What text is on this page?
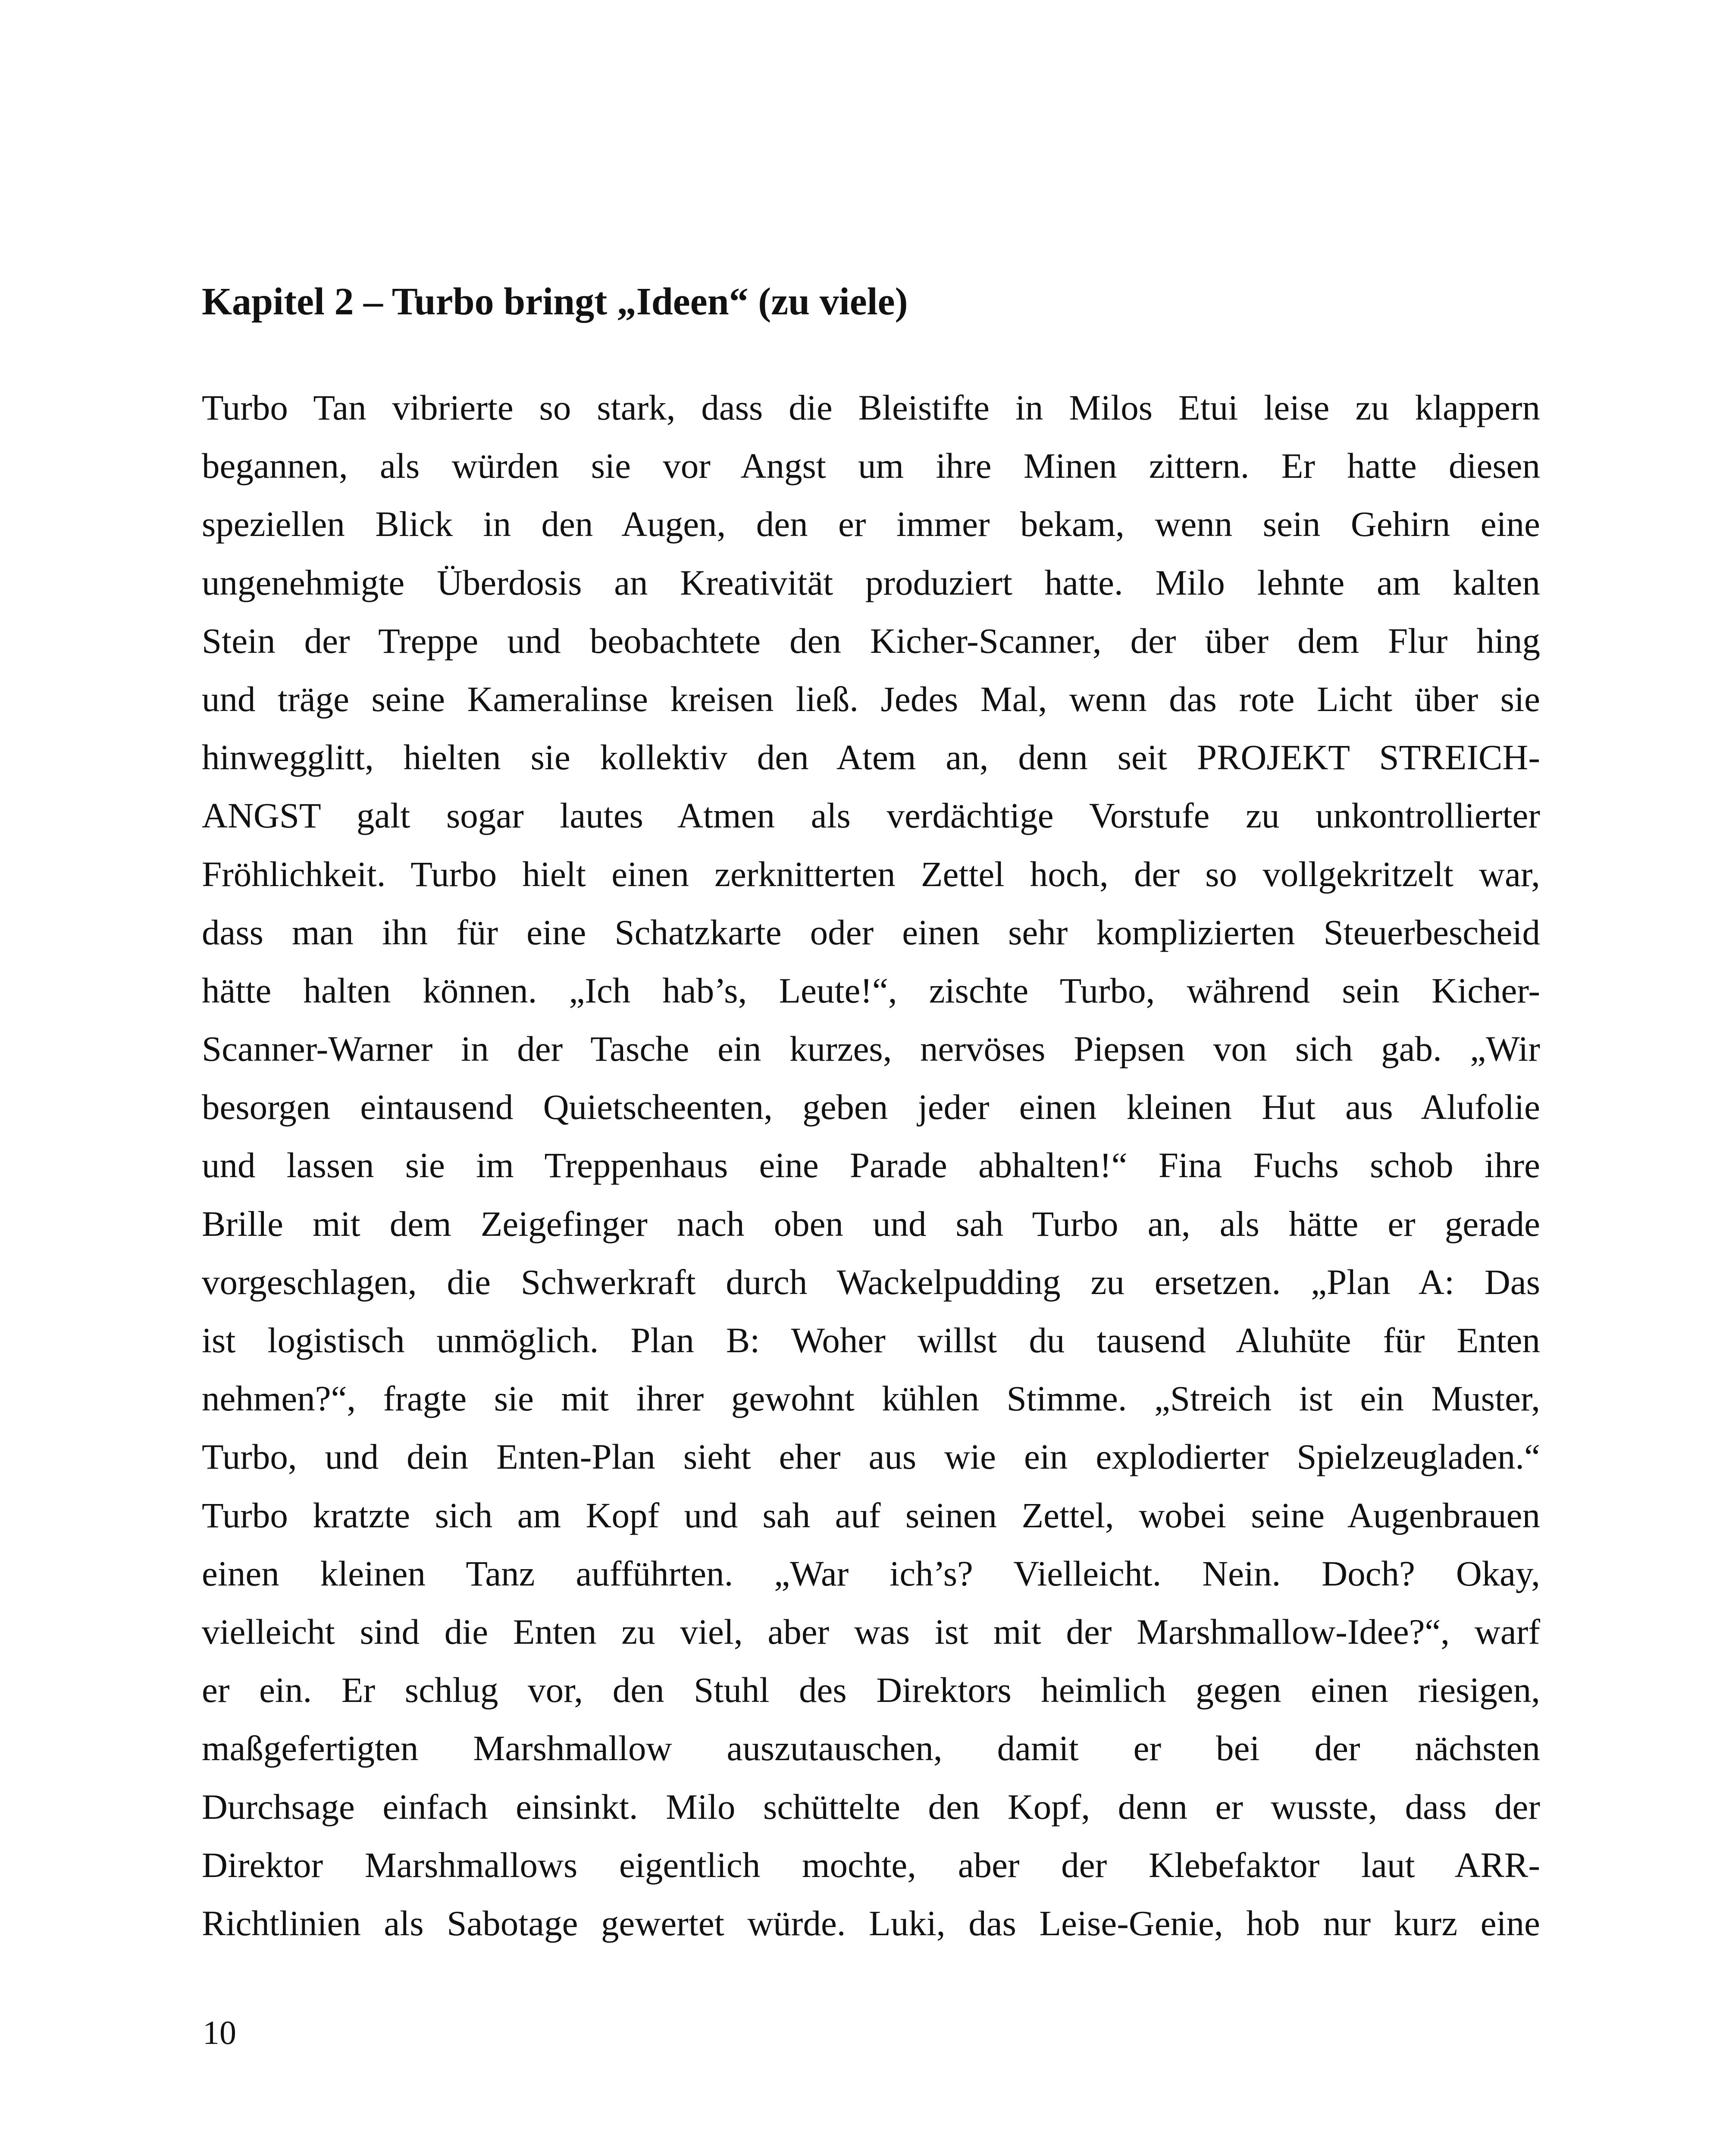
Kapitel 2 – Turbo bringt „Ideen“ (zu viele)
Turbo Tan vibrierte so stark, dass die Bleistifte in Milos Etui leise zu klappern
begannen, als würden sie vor Angst um ihre Minen zittern. Er hatte diesen
speziellen Blick in den Augen, den er immer bekam, wenn sein Gehirn eine
ungenehmigte Überdosis an Kreativität produziert hatte. Milo lehnte am kalten
Stein der Treppe und beobachtete den Kicher-Scanner, der über dem Flur hing
und träge seine Kameralinse kreisen ließ. Jedes Mal, wenn das rote Licht über sie
hinwegglitt, hielten sie kollektiv den Atem an, denn seit PROJEKT STREICH-
ANGST galt sogar lautes Atmen als verdächtige Vorstufe zu unkontrollierter
Fröhlichkeit. Turbo hielt einen zerknitterten Zettel hoch, der so vollgekritzelt war,
dass man ihn für eine Schatzkarte oder einen sehr komplizierten Steuerbescheid
hätte halten können. „Ich hab’s, Leute!“, zischte Turbo, während sein Kicher-
Scanner-Warner in der Tasche ein kurzes, nervöses Piepsen von sich gab. „Wir
besorgen eintausend Quietscheenten, geben jeder einen kleinen Hut aus Alufolie
und lassen sie im Treppenhaus eine Parade abhalten!“ Fina Fuchs schob ihre
Brille mit dem Zeigefinger nach oben und sah Turbo an, als hätte er gerade
vorgeschlagen, die Schwerkraft durch Wackelpudding zu ersetzen. „Plan A: Das
ist logistisch unmöglich. Plan B: Woher willst du tausend Aluhüte für Enten
nehmen?“, fragte sie mit ihrer gewohnt kühlen Stimme. „Streich ist ein Muster,
Turbo, und dein Enten-Plan sieht eher aus wie ein explodierter Spielzeugladen.“
Turbo kratzte sich am Kopf und sah auf seinen Zettel, wobei seine Augenbrauen
einen kleinen Tanz aufführten. „War ich’s? Vielleicht. Nein. Doch? Okay,
vielleicht sind die Enten zu viel, aber was ist mit der Marshmallow-Idee?“, warf
er ein. Er schlug vor, den Stuhl des Direktors heimlich gegen einen riesigen,
maßgefertigten Marshmallow auszutauschen, damit er bei der nächsten
Durchsage einfach einsinkt. Milo schüttelte den Kopf, denn er wusste, dass der
Direktor Marshmallows eigentlich mochte, aber der Klebefaktor laut ARR-
Richtlinien als Sabotage gewertet würde. Luki, das Leise-Genie, hob nur kurz eine

10
